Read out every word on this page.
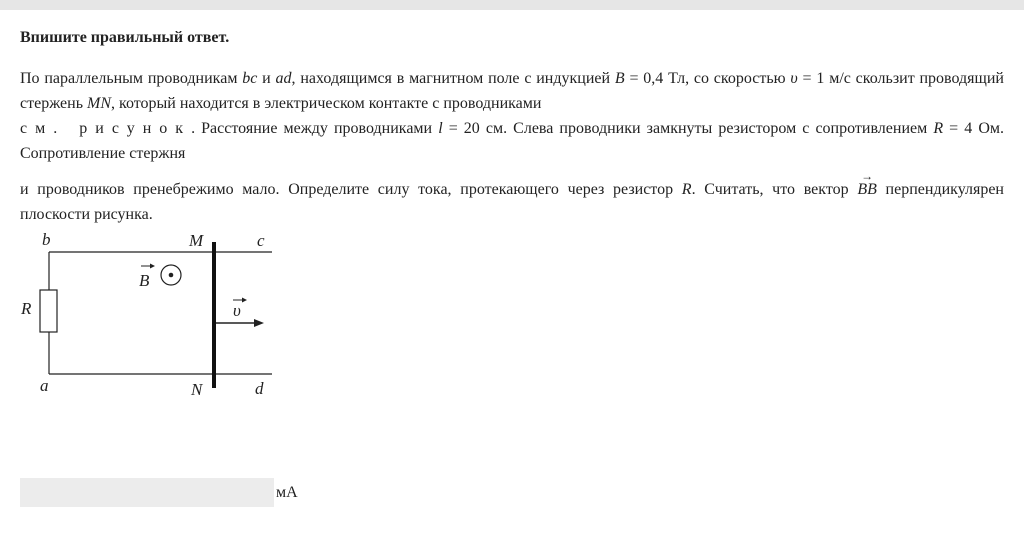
Впишите правильный ответ.

По параллельным проводникам bc и ad, находящимся в магнитном поле с индукцией B = 0,4 Тл, со скоростью υ = 1 м/с скользит проводящий стержень MN, который находится в электрическом контакте с проводниками
см. рисунок. Расстояние между проводниками l = 20 см. Слева проводники замкнуты резистором с сопротивлением R = 4 Ом. Сопротивление стержня

и проводников пренебрежимо мало. Определите силу тока, протекающего через резистор R. Считать, что вектор → BB перпендикулярен плоскости рисунка.

b	M	c
R
B
υ
a	N	d
мА
